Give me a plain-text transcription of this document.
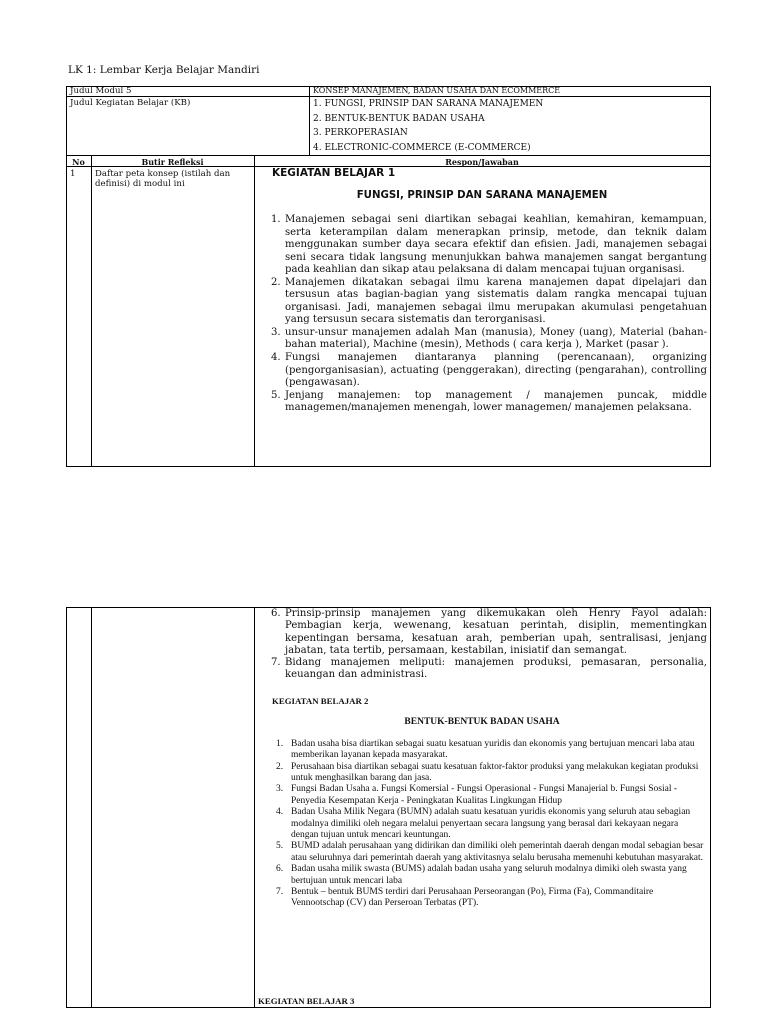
LK 1: Lembar Kerja Belajar Mandiri
Judul Modul 5	KONSEP MANAJEMEN, BADAN USAHA DAN ECOMMERCE
Judul Kegiatan Belajar (KB)	1. FUNGSI, PRINSIP DAN SARANA MANAJEMEN
2. BENTUK-BENTUK BADAN USAHA
3. PERKOPERASIAN
4. ELECTRONIC-COMMERCE (E-COMMERCE)
No	Butir Refleksi	Respon/Jawaban
1 Daftar peta konsep (istilah dan definisi) di modul ini
KEGIATAN BELAJAR 1
FUNGSI, PRINSIP DAN SARANA MANAJEMEN
1. Manajemen sebagai seni diartikan sebagai keahlian, kemahiran, kemampuan, serta keterampilan dalam menerapkan prinsip, metode, dan teknik dalam menggunakan sumber daya secara efektif dan efisien. Jadi, manajemen sebagai seni secara tidak langsung menunjukkan bahwa manajemen sangat bergantung pada keahlian dan sikap atau pelaksana di dalam mencapai tujuan organisasi.
2. Manajemen dikatakan sebagai ilmu karena manajemen dapat dipelajari dan tersusun atas bagian-bagian yang sistematis dalam rangka mencapai tujuan organisasi. Jadi, manajemen sebagai ilmu merupakan akumulasi pengetahuan yang tersusun secara sistematis dan terorganisasi.
3. unsur-unsur manajemen adalah Man (manusia), Money (uang), Material (bahan-bahan material), Machine (mesin), Methods ( cara kerja ), Market (pasar ).
4. Fungsi manajemen diantaranya planning (perencanaan), organizing (pengorganisasian), actuating (penggerakan), directing (pengarahan), controlling (pengawasan).
5. Jenjang manajemen: top management / manajemen puncak, middle managemen/manajemen menengah, lower managemen/ manajemen pelaksana.
6. Prinsip-prinsip manajemen yang dikemukakan oleh Henry Fayol adalah: Pembagian kerja, wewenang, kesatuan perintah, disiplin, mementingkan kepentingan bersama, kesatuan arah, pemberian upah, sentralisasi, jenjang jabatan, tata tertib, persamaan, kestabilan, inisiatif dan semangat.
7. Bidang manajemen meliputi: manajemen produksi, pemasaran, personalia, keuangan dan administrasi.
KEGIATAN BELAJAR 2
BENTUK-BENTUK BADAN USAHA
1. Badan usaha bisa diartikan sebagai suatu kesatuan yuridis dan ekonomis yang bertujuan mencari laba atau memberikan layanan kepada masyarakat.
2. Perusahaan bisa diartikan sebagai suatu kesatuan faktor-faktor produksi yang melakukan kegiatan produksi untuk menghasilkan barang dan jasa.
3. Fungsi Badan Usaha a. Fungsi Komersial - Fungsi Operasional - Fungsi Manajerial b. Fungsi Sosial - Penyedia Kesempatan Kerja - Peningkatan Kualitas Lingkungan Hidup
4. Badan Usaha Milik Negara (BUMN) adalah suatu kesatuan yuridis ekonomis yang seluruh atau sebagian modalnya dimiliki oleh negara melalui penyertaan secara langsung yang berasal dari kekayaan negara dengan tujuan untuk mencari keuntungan.
5. BUMD adalah perusahaan yang didirikan dan dimiliki oleh pemerintah daerah dengan modal sebagian besar atau seluruhnya dari pemerintah daerah yang aktivitasnya selalu berusaha memenuhi kebutuhan masyarakat.
6. Badan usaha milik swasta (BUMS) adalah badan usaha yang seluruh modalnya dimiki oleh swasta yang bertujuan untuk mencari laba
7. Bentuk – bentuk BUMS terdiri dari Perusahaan Perseorangan (Po), Firma (Fa), Commanditaire Vennootschap (CV) dan Perseroan Terbatas (PT).
KEGIATAN BELAJAR 3
